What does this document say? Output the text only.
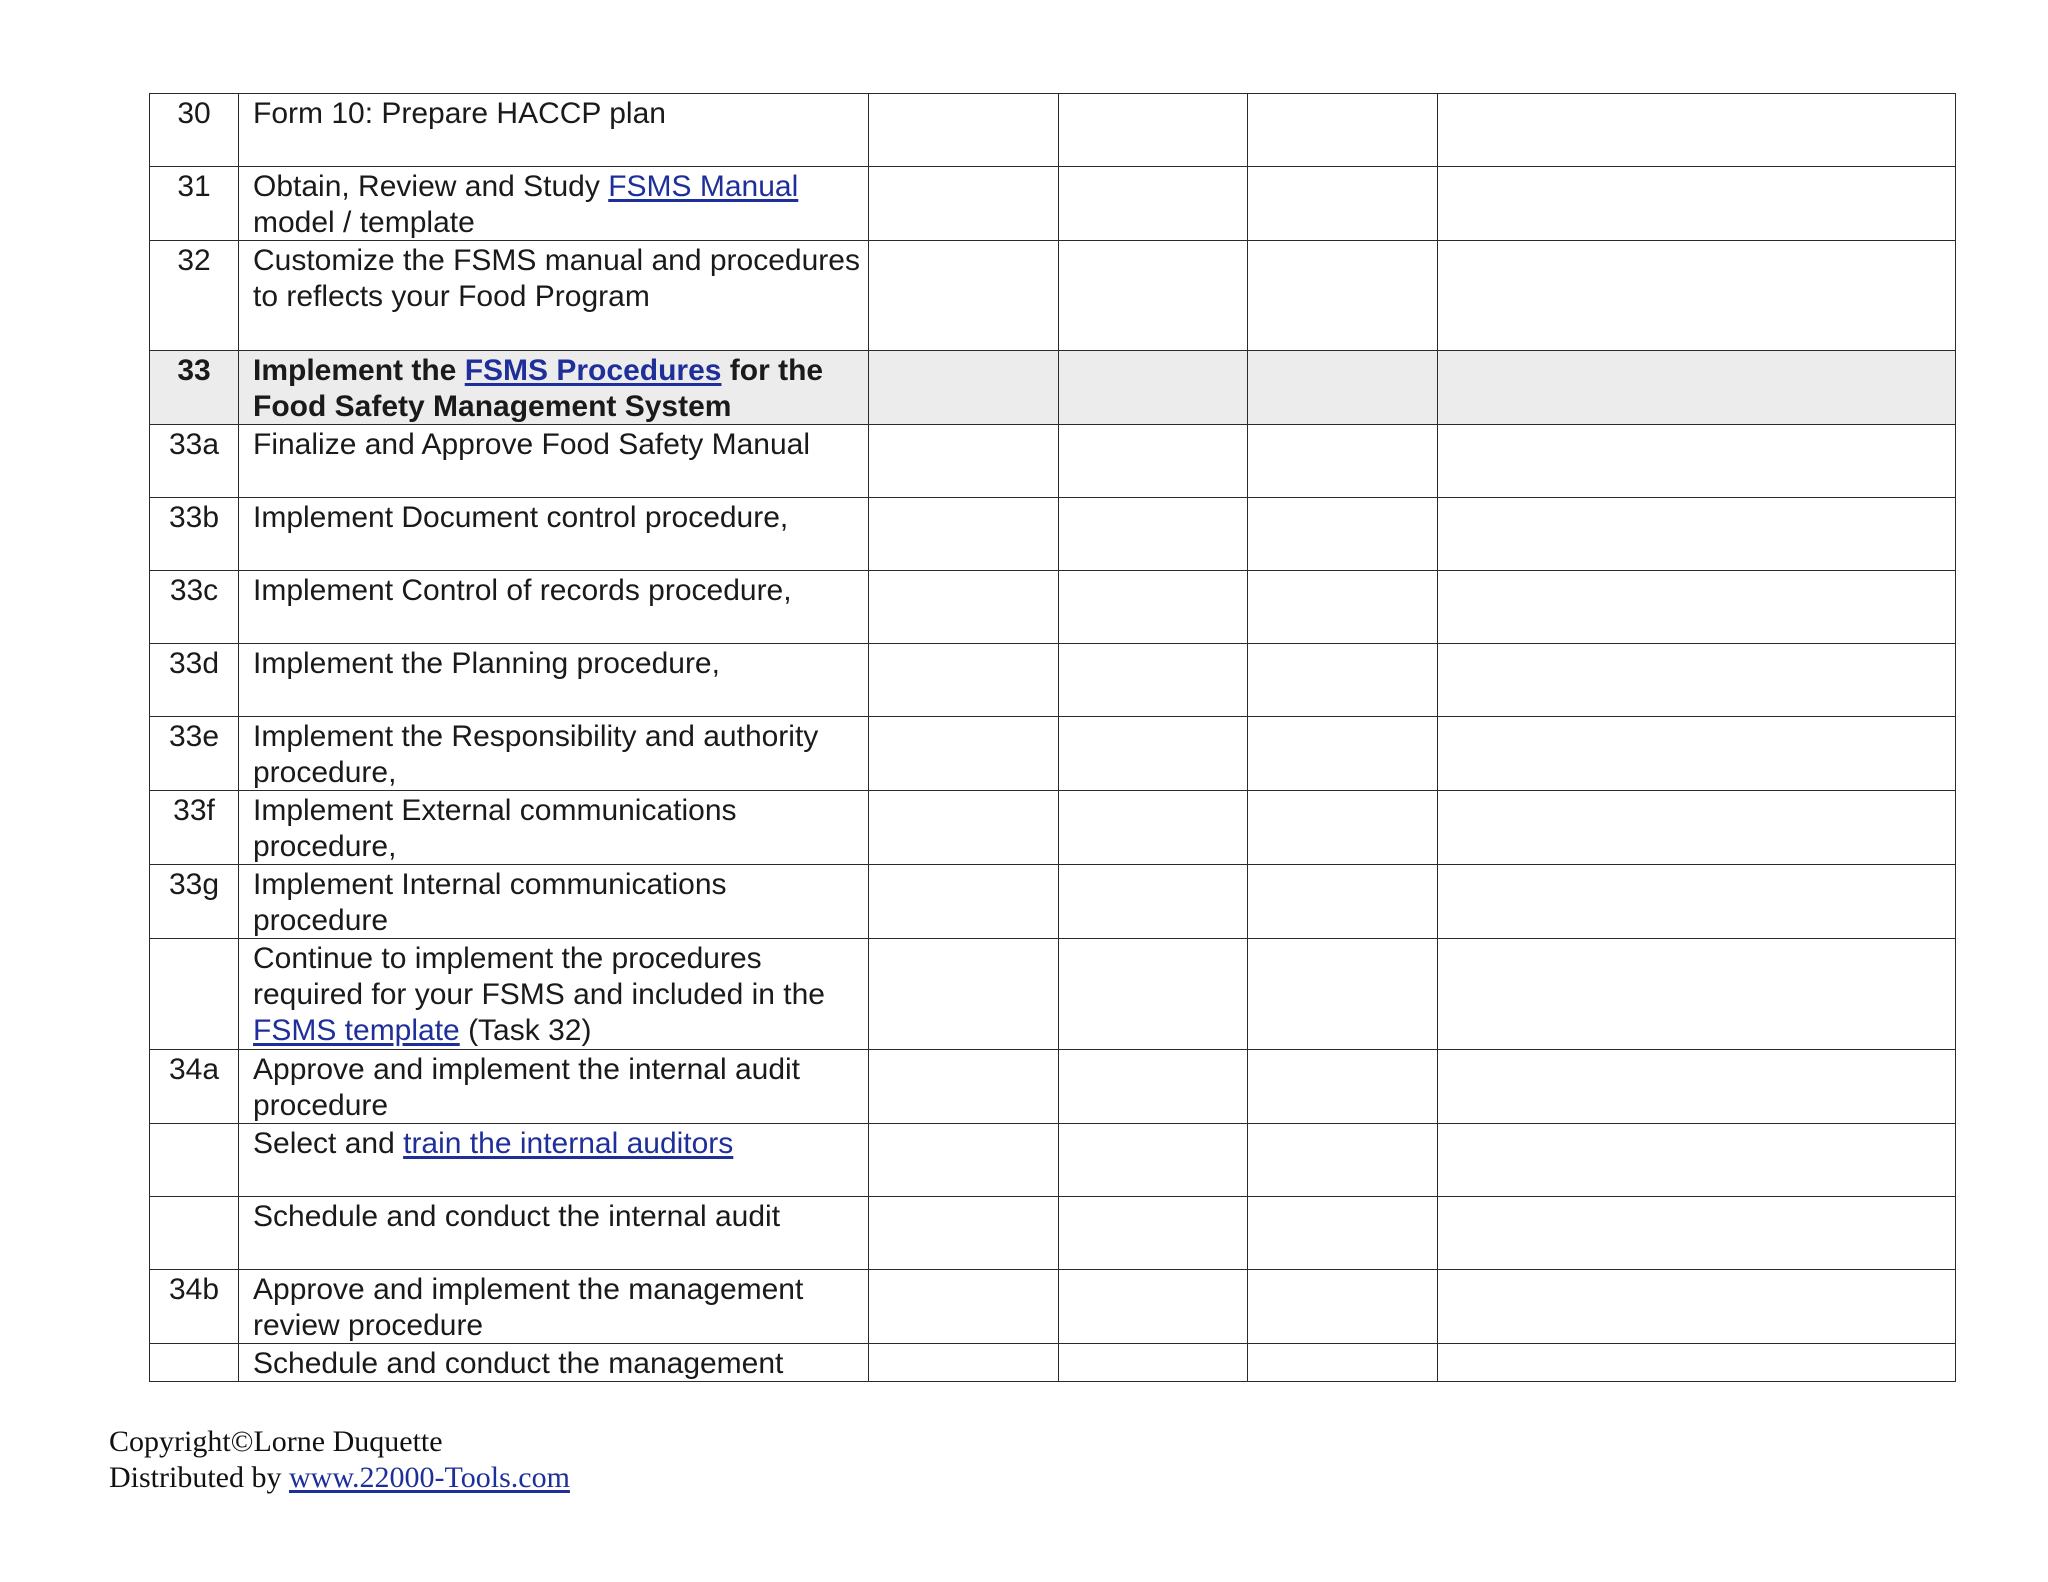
30	Form 10: Prepare HACCP plan				

31	Obtain, Review and Study FSMS Manual model / template				

32	Customize the FSMS manual and procedures to reflects your Food Program				

33	Implement the FSMS Procedures for the Food Safety Management System				

33a	Finalize and Approve Food Safety Manual				

33b	Implement Document control procedure,				

33c	Implement Control of records procedure,				

33d	Implement the Planning procedure,				

33e	Implement the Responsibility and authority procedure,				

33f	Implement External communications procedure,				

33g	Implement Internal communications procedure				

	Continue to implement the procedures required for your FSMS and included in the FSMS template (Task 32)				

34a	Approve and implement the internal audit procedure				

	Select and train the internal auditors				

	Schedule and conduct the internal audit				

34b	Approve and implement the management review procedure				

	Schedule and conduct the management				

Copyright©Lorne Duquette
Distributed by www.22000-Tools.com
